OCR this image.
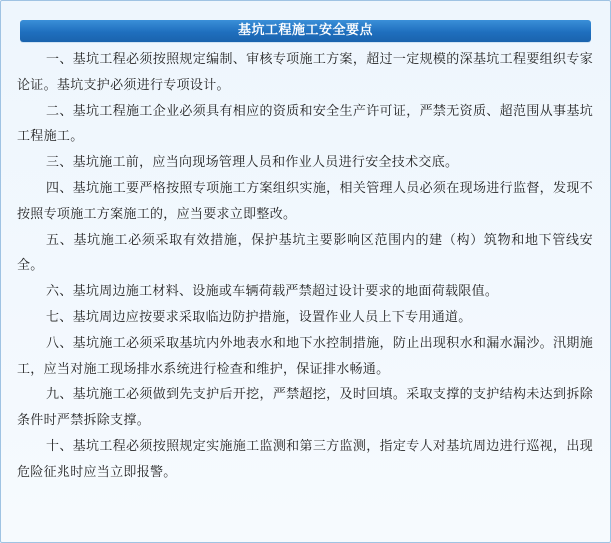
基坑工程施工安全要点

一、基坑工程必须按照规定编制、审核专项施工方案，超过一定规模的深基坑工程要组织专家论证。基坑支护必须进行专项设计。

二、基坑工程施工企业必须具有相应的资质和安全生产许可证，严禁无资质、超范围从事基坑工程施工。

三、基坑施工前，应当向现场管理人员和作业人员进行安全技术交底。

四、基坑施工要严格按照专项施工方案组织实施，相关管理人员必须在现场进行监督，发现不按照专项施工方案施工的，应当要求立即整改。

五、基坑施工必须采取有效措施，保护基坑主要影响区范围内的建（构）筑物和地下管线安全。

六、基坑周边施工材料、设施或车辆荷载严禁超过设计要求的地面荷载限值。

七、基坑周边应按要求采取临边防护措施，设置作业人员上下专用通道。

八、基坑施工必须采取基坑内外地表水和地下水控制措施，防止出现积水和漏水漏沙。汛期施工，应当对施工现场排水系统进行检查和维护，保证排水畅通。

九、基坑施工必须做到先支护后开挖，严禁超挖，及时回填。采取支撑的支护结构未达到拆除条件时严禁拆除支撑。

十、基坑工程必须按照规定实施施工监测和第三方监测，指定专人对基坑周边进行巡视，出现危险征兆时应当立即报警。
